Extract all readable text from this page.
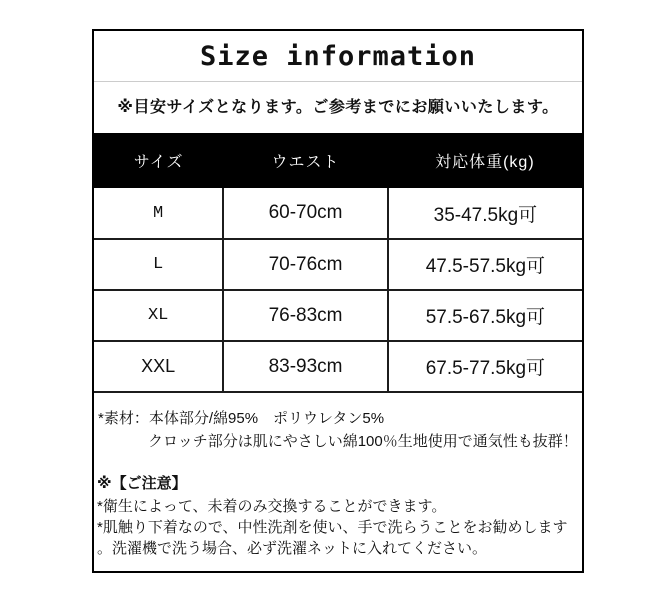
Size information
※目安サイズとなります。ご参考までにお願いいたします。
サイズ	ウエスト	対応体重(kg)
M	60-70cm	35-47.5kg可
L	70-76cm	47.5-57.5kg可
XL	76-83cm	57.5-67.5kg可
XXL	83-93cm	67.5-77.5kg可
*素材：本体部分/綿95%　ポリウレタン5%
クロッチ部分は肌にやさしい綿100％生地使用で通気性も抜群！
※【ご注意】
*衛生によって、未着のみ交換することができます。
*肌触り下着なので、中性洗剤を使い、手で洗らうことをお勧めします
。洗濯機で洗う場合、必ず洗濯ネットに入れてください。
